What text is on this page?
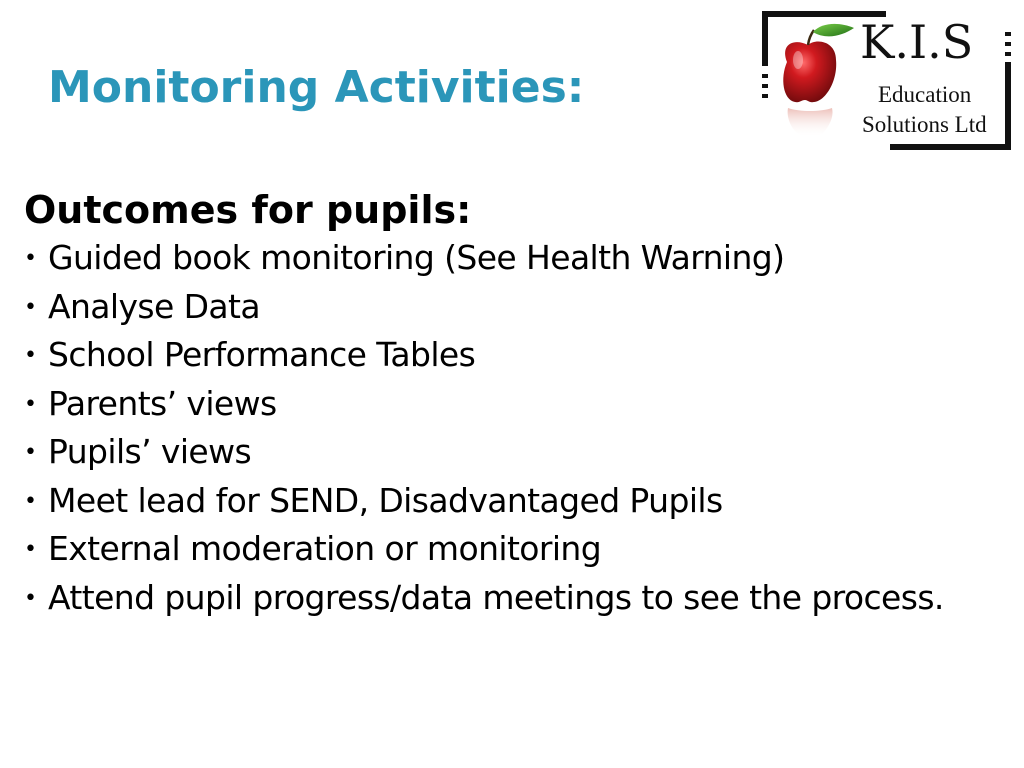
Monitoring Activities:
K.I.S
Education
Solutions Ltd
Outcomes for pupils:
• Guided book monitoring (See Health Warning)
• Analyse Data
• School Performance Tables
• Parents’ views
• Pupils’ views
• Meet lead for SEND, Disadvantaged Pupils
• External moderation or monitoring
• Attend pupil progress/data meetings to see the process.
